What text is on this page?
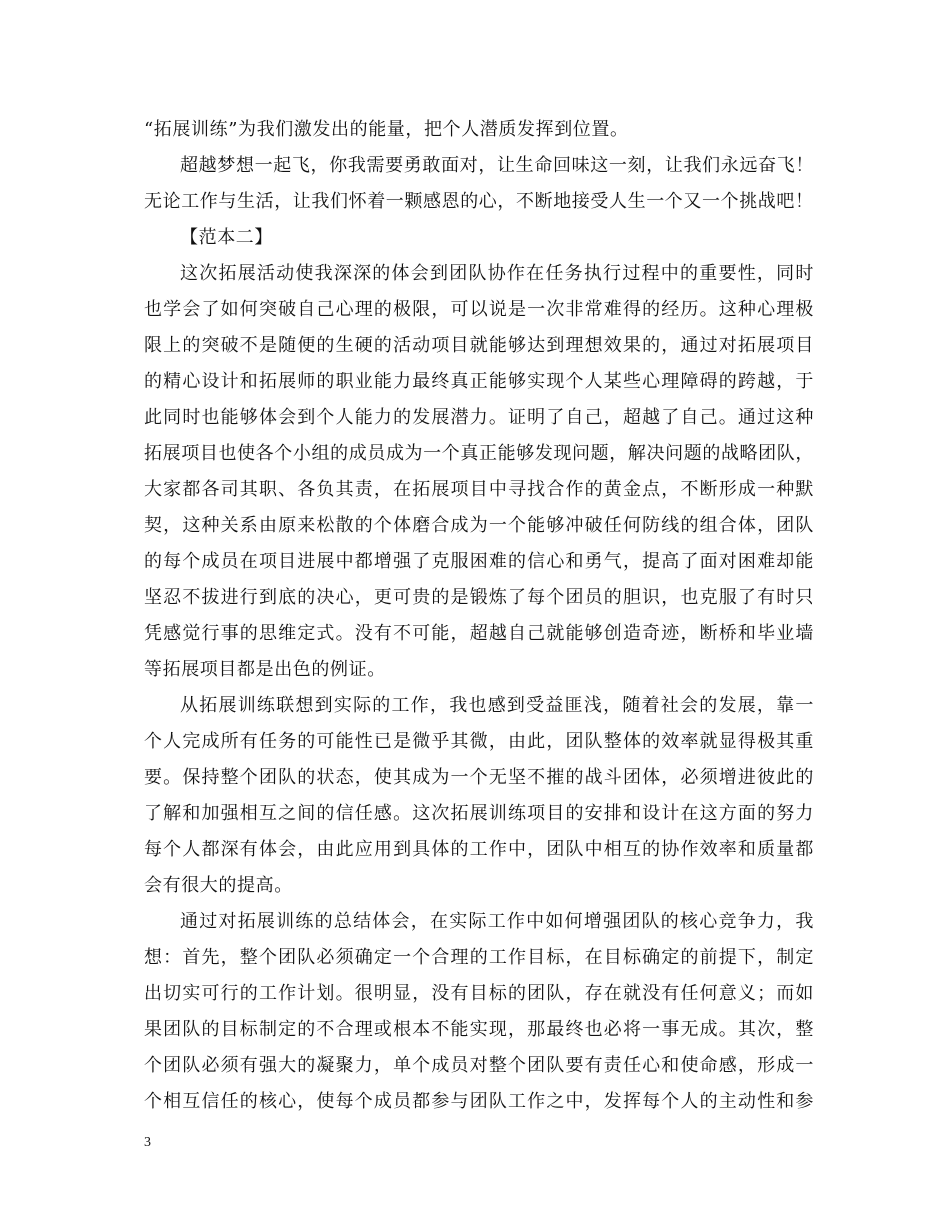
“拓展训练”为我们激发出的能量，把个人潜质发挥到位置。
超越梦想一起飞，你我需要勇敢面对，让生命回味这一刻，让我们永远奋飞！
无论工作与生活，让我们怀着一颗感恩的心，不断地接受人生一个又一个挑战吧！
【范本二】
这次拓展活动使我深深的体会到团队协作在任务执行过程中的重要性，同时
也学会了如何突破自己心理的极限，可以说是一次非常难得的经历。这种心理极
限上的突破不是随便的生硬的活动项目就能够达到理想效果的，通过对拓展项目
的精心设计和拓展师的职业能力最终真正能够实现个人某些心理障碍的跨越，于
此同时也能够体会到个人能力的发展潜力。证明了自己，超越了自己。通过这种
拓展项目也使各个小组的成员成为一个真正能够发现问题，解决问题的战略团队，
大家都各司其职、各负其责，在拓展项目中寻找合作的黄金点，不断形成一种默
契，这种关系由原来松散的个体磨合成为一个能够冲破任何防线的组合体，团队
的每个成员在项目进展中都增强了克服困难的信心和勇气，提高了面对困难却能
坚忍不拔进行到底的决心，更可贵的是锻炼了每个团员的胆识，也克服了有时只
凭感觉行事的思维定式。没有不可能，超越自己就能够创造奇迹，断桥和毕业墙
等拓展项目都是出色的例证。
从拓展训练联想到实际的工作，我也感到受益匪浅，随着社会的发展，靠一
个人完成所有任务的可能性已是微乎其微，由此，团队整体的效率就显得极其重
要。保持整个团队的状态，使其成为一个无坚不摧的战斗团体，必须增进彼此的
了解和加强相互之间的信任感。这次拓展训练项目的安排和设计在这方面的努力
每个人都深有体会，由此应用到具体的工作中，团队中相互的协作效率和质量都
会有很大的提高。
通过对拓展训练的总结体会，在实际工作中如何增强团队的核心竞争力，我
想：首先，整个团队必须确定一个合理的工作目标，在目标确定的前提下，制定
出切实可行的工作计划。很明显，没有目标的团队，存在就没有任何意义；而如
果团队的目标制定的不合理或根本不能实现，那最终也必将一事无成。其次，整
个团队必须有强大的凝聚力，单个成员对整个团队要有责任心和使命感，形成一
个相互信任的核心，使每个成员都参与团队工作之中，发挥每个人的主动性和参
3
